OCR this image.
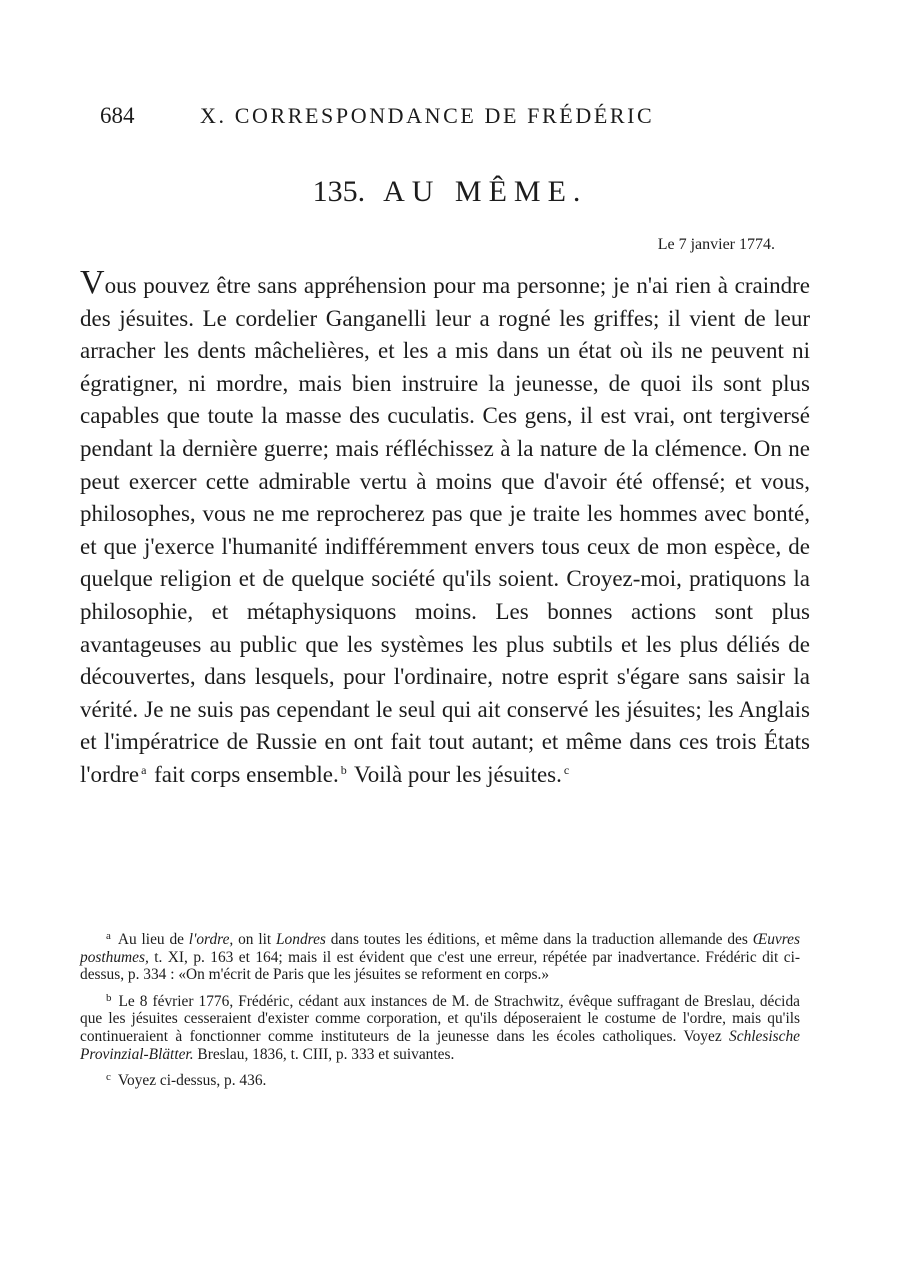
684	X. CORRESPONDANCE DE FRÉDÉRIC
135. AU MÊME.
Le 7 janvier 1774.
Vous pouvez être sans appréhension pour ma personne; je n'ai rien à craindre des jésuites. Le cordelier Ganganelli leur a rogné les griffes; il vient de leur arracher les dents mâchelières, et les a mis dans un état où ils ne peuvent ni égratigner, ni mordre, mais bien instruire la jeunesse, de quoi ils sont plus capables que toute la masse des cuculatis. Ces gens, il est vrai, ont tergiversé pendant la dernière guerre; mais réfléchissez à la nature de la clémence. On ne peut exercer cette admirable vertu à moins que d'avoir été offensé; et vous, philosophes, vous ne me reprocherez pas que je traite les hommes avec bonté, et que j'exerce l'humanité indifféremment envers tous ceux de mon espèce, de quelque religion et de quelque société qu'ils soient. Croyez-moi, pratiquons la philosophie, et métaphysiquons moins. Les bonnes actions sont plus avantageuses au public que les systèmes les plus subtils et les plus déliés de découvertes, dans lesquels, pour l'ordinaire, notre esprit s'égare sans saisir la vérité. Je ne suis pas cependant le seul qui ait conservé les jésuites; les Anglais et l'impératrice de Russie en ont fait tout autant; et même dans ces trois États l'ordre $^a$ fait corps ensemble. $^b$ Voilà pour les jésuites. $^c$

$^a$ Au lieu de l'ordre, on lit Londres dans toutes les éditions, et même dans la traduction allemande des Œuvres posthumes, t. XI, p. 163 et 164; mais il est évident que c'est une erreur, répétée par inadvertance. Frédéric dit ci-dessus, p. 334 : «On m'écrit de Paris que les jésuites se reforment en corps.»

$^b$ Le 8 février 1776, Frédéric, cédant aux instances de M. de Strachwitz, évêque suffragant de Breslau, décida que les jésuites cesseraient d'exister comme corporation, et qu'ils déposeraient le costume de l'ordre, mais qu'ils continueraient à fonctionner comme instituteurs de la jeunesse dans les écoles catholiques. Voyez Schlesische Provinzial-Blätter. Breslau, 1836, t. CIII, p. 333 et suivantes.

$^c$ Voyez ci-dessus, p. 436.
